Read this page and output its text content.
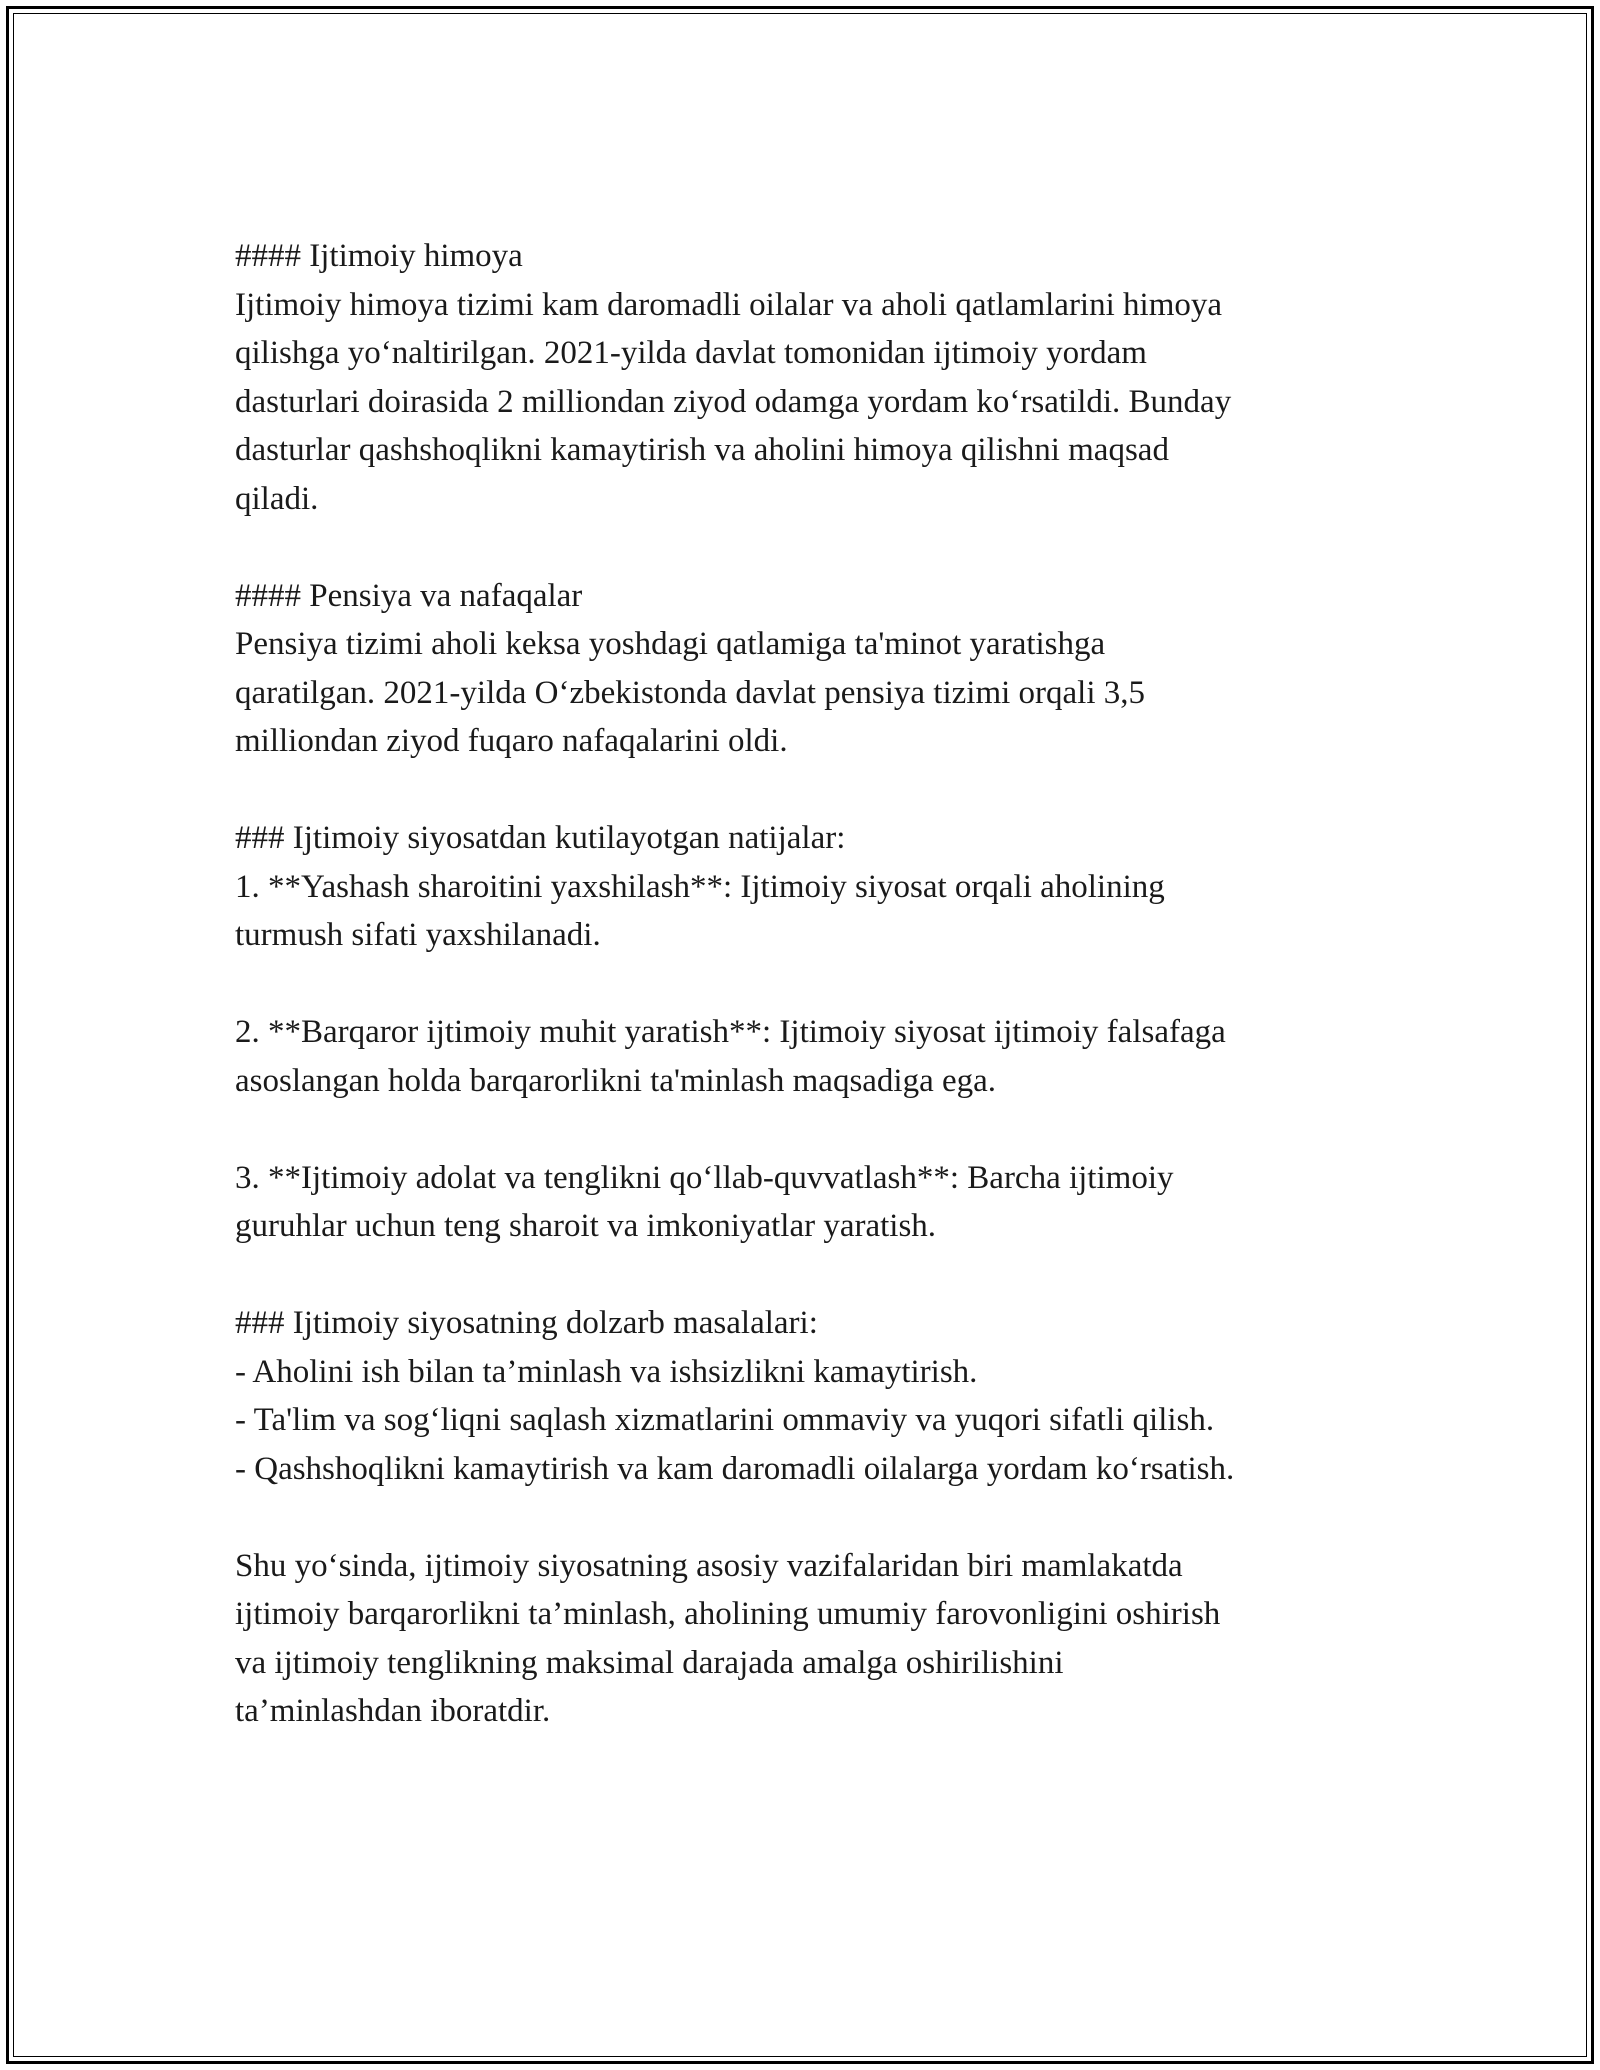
#### Ijtimoiy himoya
Ijtimoiy himoya tizimi kam daromadli oilalar va aholi qatlamlarini himoya
qilishga yoʻnaltirilgan. 2021-yilda davlat tomonidan ijtimoiy yordam
dasturlari doirasida 2 milliondan ziyod odamga yordam koʻrsatildi. Bunday
dasturlar qashshoqlikni kamaytirish va aholini himoya qilishni maqsad
qiladi.
#### Pensiya va nafaqalar
Pensiya tizimi aholi keksa yoshdagi qatlamiga ta'minot yaratishga
qaratilgan. 2021-yilda Oʻzbekistonda davlat pensiya tizimi orqali 3,5
milliondan ziyod fuqaro nafaqalarini oldi.
### Ijtimoiy siyosatdan kutilayotgan natijalar:
1. **Yashash sharoitini yaxshilash**: Ijtimoiy siyosat orqali aholining
turmush sifati yaxshilanadi.
2. **Barqaror ijtimoiy muhit yaratish**: Ijtimoiy siyosat ijtimoiy falsafaga
asoslangan holda barqarorlikni ta'minlash maqsadiga ega.
3. **Ijtimoiy adolat va tenglikni qoʻllab-quvvatlash**: Barcha ijtimoiy
guruhlar uchun teng sharoit va imkoniyatlar yaratish.
### Ijtimoiy siyosatning dolzarb masalalari:
- Aholini ish bilan ta’minlash va ishsizlikni kamaytirish.
- Ta'lim va sogʻliqni saqlash xizmatlarini ommaviy va yuqori sifatli qilish.
- Qashshoqlikni kamaytirish va kam daromadli oilalarga yordam koʻrsatish.
Shu yoʻsinda, ijtimoiy siyosatning asosiy vazifalaridan biri mamlakatda
ijtimoiy barqarorlikni ta’minlash, aholining umumiy farovonligini oshirish
va ijtimoiy tenglikning maksimal darajada amalga oshirilishini
ta’minlashdan iboratdir.
